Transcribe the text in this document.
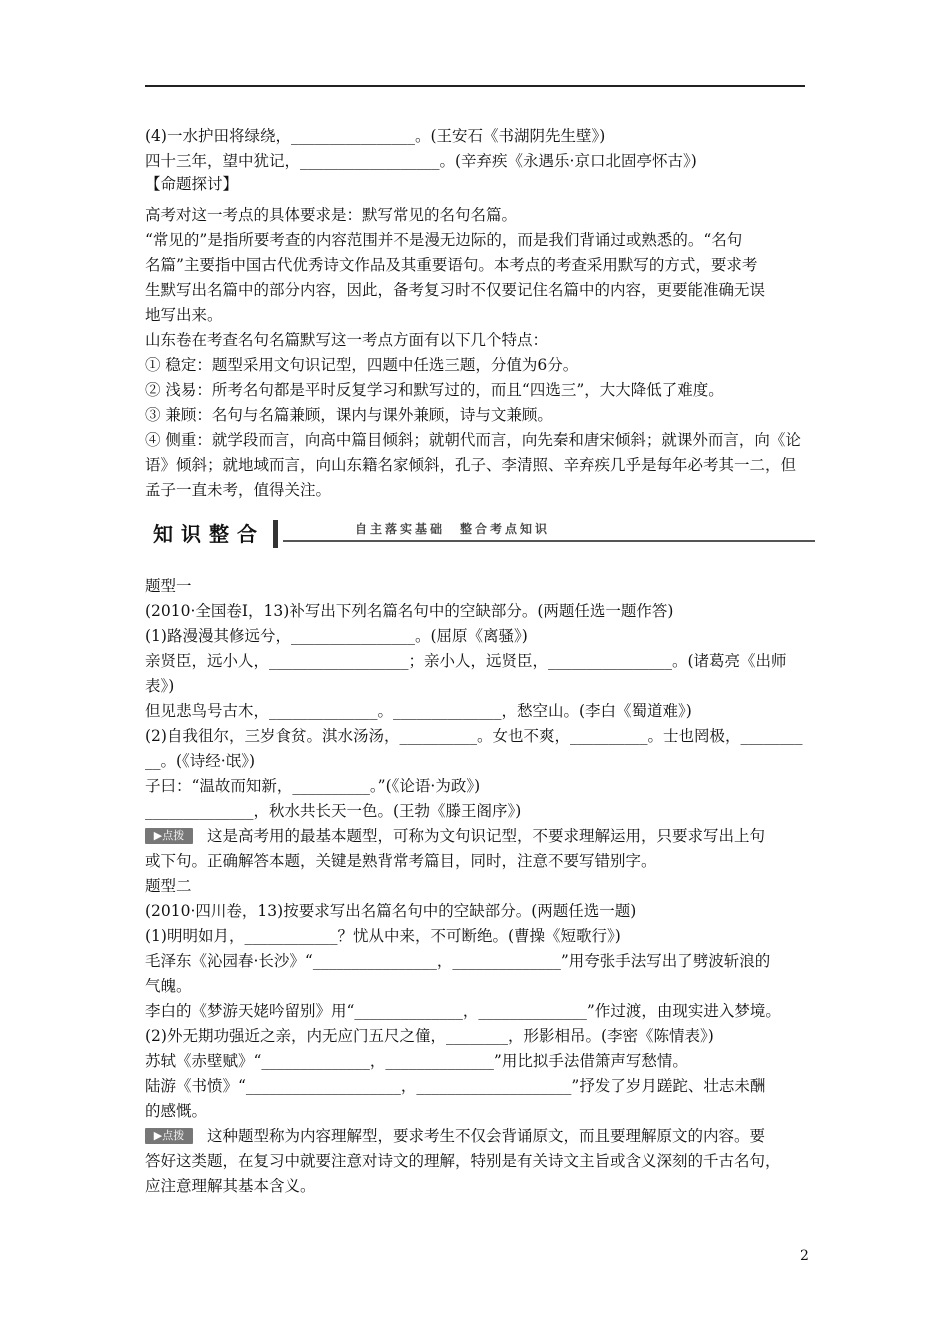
(4)一水护田将绿绕，________________。(王安石《书湖阴先生壁》)
四十三年，望中犹记，__________________。(辛弃疾《永遇乐·京口北固亭怀古》)
【命题探讨】
高考对这一考点的具体要求是：默写常见的名句名篇。
“常见的”是指所要考查的内容范围并不是漫无边际的，而是我们背诵过或熟悉的。“名句
名篇”主要指中国古代优秀诗文作品及其重要语句。本考点的考查采用默写的方式，要求考
生默写出名篇中的部分内容，因此，备考复习时不仅要记住名篇中的内容，更要能准确无误
地写出来。
山东卷在考查名句名篇默写这一考点方面有以下几个特点：
① 稳定：题型采用文句识记型，四题中任选三题，分值为6分。
② 浅易：所考名句都是平时反复学习和默写过的，而且“四选三”，大大降低了难度。
③ 兼顾：名句与名篇兼顾，课内与课外兼顾，诗与文兼顾。
④ 侧重：就学段而言，向高中篇目倾斜；就朝代而言，向先秦和唐宋倾斜；就课外而言，向《论
语》倾斜；就地域而言，向山东籍名家倾斜，孔子、李清照、辛弃疾几乎是每年必考其一二，但
孟子一直未考，值得关注。
知识整合	自主落实基础　整合考点知识
题型一
(2010·全国卷Ⅰ，13)补写出下列名篇名句中的空缺部分。(两题任选一题作答)
(1)路漫漫其修远兮，________________。(屈原《离骚》)
亲贤臣，远小人，__________________；亲小人，远贤臣，________________。(诸葛亮《出师
表》)
但见悲鸟号古木，______________。______________，愁空山。(李白《蜀道难》)
(2)自我徂尔，三岁食贫。淇水汤汤，__________。女也不爽，__________。士也罔极，________
__。(《诗经·氓》)
子曰：“温故而知新，__________。”(《论语·为政》)
______________，秋水共长天一色。(王勃《滕王阁序》)
▶点拨 这是高考用的最基本题型，可称为文句识记型，不要求理解运用，只要求写出上句
或下句。正确解答本题，关键是熟背常考篇目，同时，注意不要写错别字。
题型二
(2010·四川卷，13)按要求写出名篇名句中的空缺部分。(两题任选一题)
(1)明明如月，____________？忧从中来，不可断绝。(曹操《短歌行》)
毛泽东《沁园春·长沙》“________________，______________”用夸张手法写出了劈波斩浪的
气魄。
李白的《梦游天姥吟留别》用“______________，______________”作过渡，由现实进入梦境。
(2)外无期功强近之亲，内无应门五尺之僮，________，形影相吊。(李密《陈情表》)
苏轼《赤壁赋》“______________，______________”用比拟手法借箫声写愁情。
陆游《书愤》“____________________，____________________”抒发了岁月蹉跎、壮志未酬
的感慨。
▶点拨 这种题型称为内容理解型，要求考生不仅会背诵原文，而且要理解原文的内容。要
答好这类题，在复习中就要注意对诗文的理解，特别是有关诗文主旨或含义深刻的千古名句，
应注意理解其基本含义。
2
